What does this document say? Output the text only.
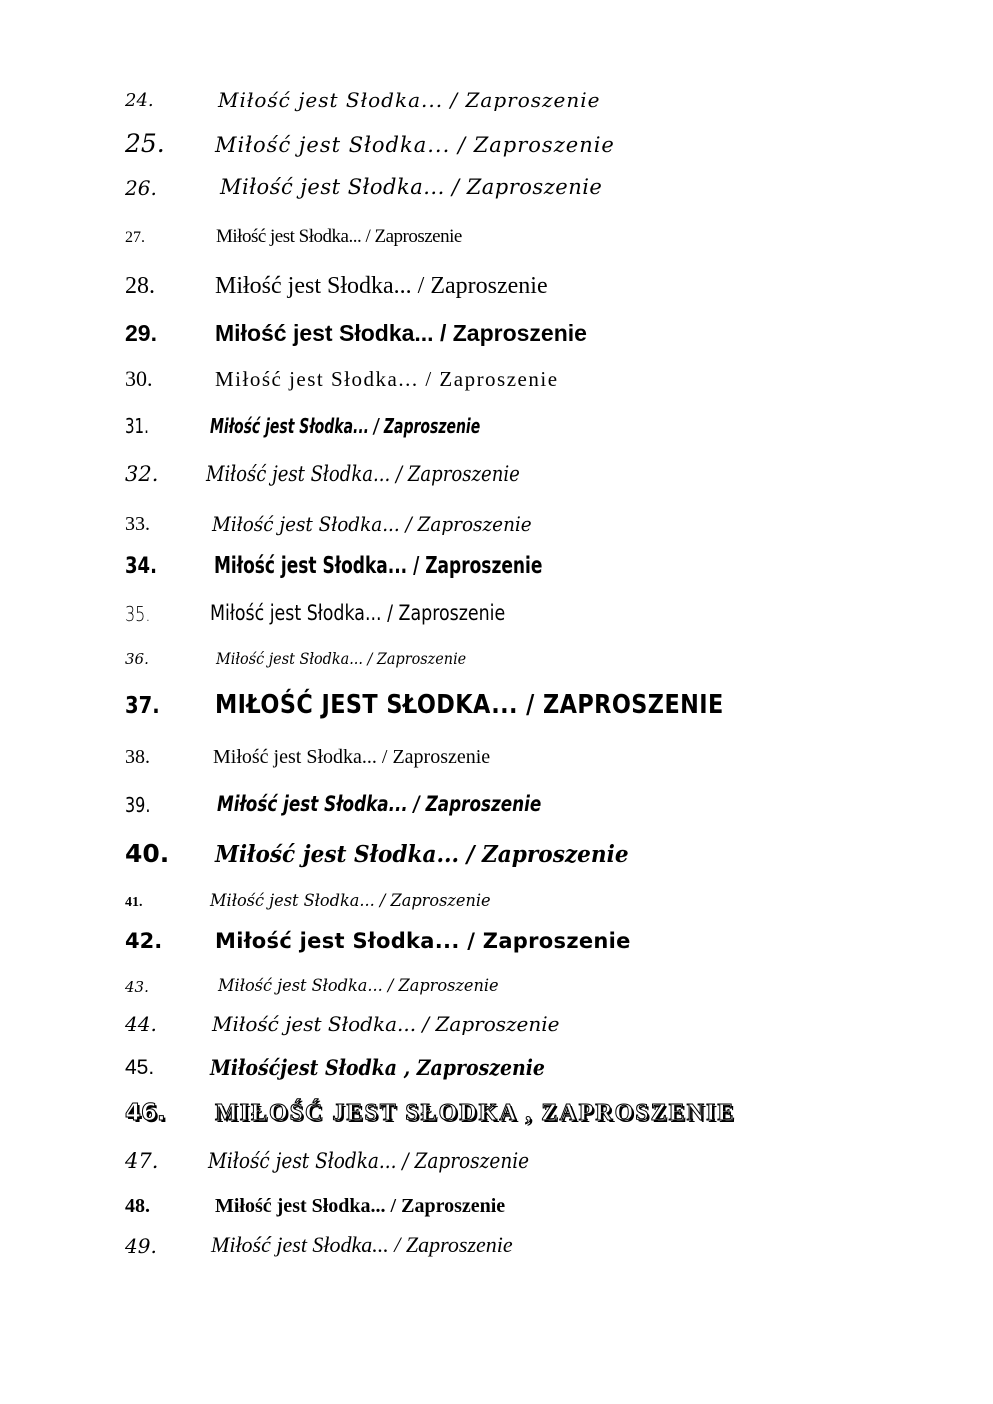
24.	Miłość jest Słodka... / Zaproszenie
25. Miłość jest Słodka... / Zaproszenie
26.	Miłość jest Słodka... / Zaproszenie
27.	Miłość jest Słodka... / Zaproszenie
28.	Miłość jest Słodka... / Zaproszenie
29.	Miłość jest Słodka... / Zaproszenie
30.	Miłość jest Słodka... / Zaproszenie
31.	Miłość jest Słodka... / Zaproszenie
32. Miłość jest Słodka... / Zaproszenie
33.	Miłość jest Słodka... / Zaproszenie
34. Miłość jest Słodka... / Zaproszenie
35.	Miłość jest Słodka... / Zaproszenie
36.	Miłość jest Słodka... / Zaproszenie
37. MIŁOŚĆ JEST SŁODKA... / ZAPROSZENIE
38.	Miłość jest Słodka... / Zaproszenie
39.	Miłość jest Słodka... / Zaproszenie
40. Miłość jest Słodka... / Zaproszenie
41.	Miłość jest Słodka... / Zaproszenie
42.	Miłość jest Słodka... / Zaproszenie
43.	Miłość jest Słodka... / Zaproszenie
44.	Miłość jest Słodka... / Zaproszenie
45.	Miłośćjest Słodka , Zaproszenie
46. MIŁOŚĆ JEST SŁODKA , ZAPROSZENIE
47. Miłość jest Słodka... / Zaproszenie
48.	Miłość jest Słodka... / Zaproszenie
49. Miłość jest Słodka... / Zaproszenie
